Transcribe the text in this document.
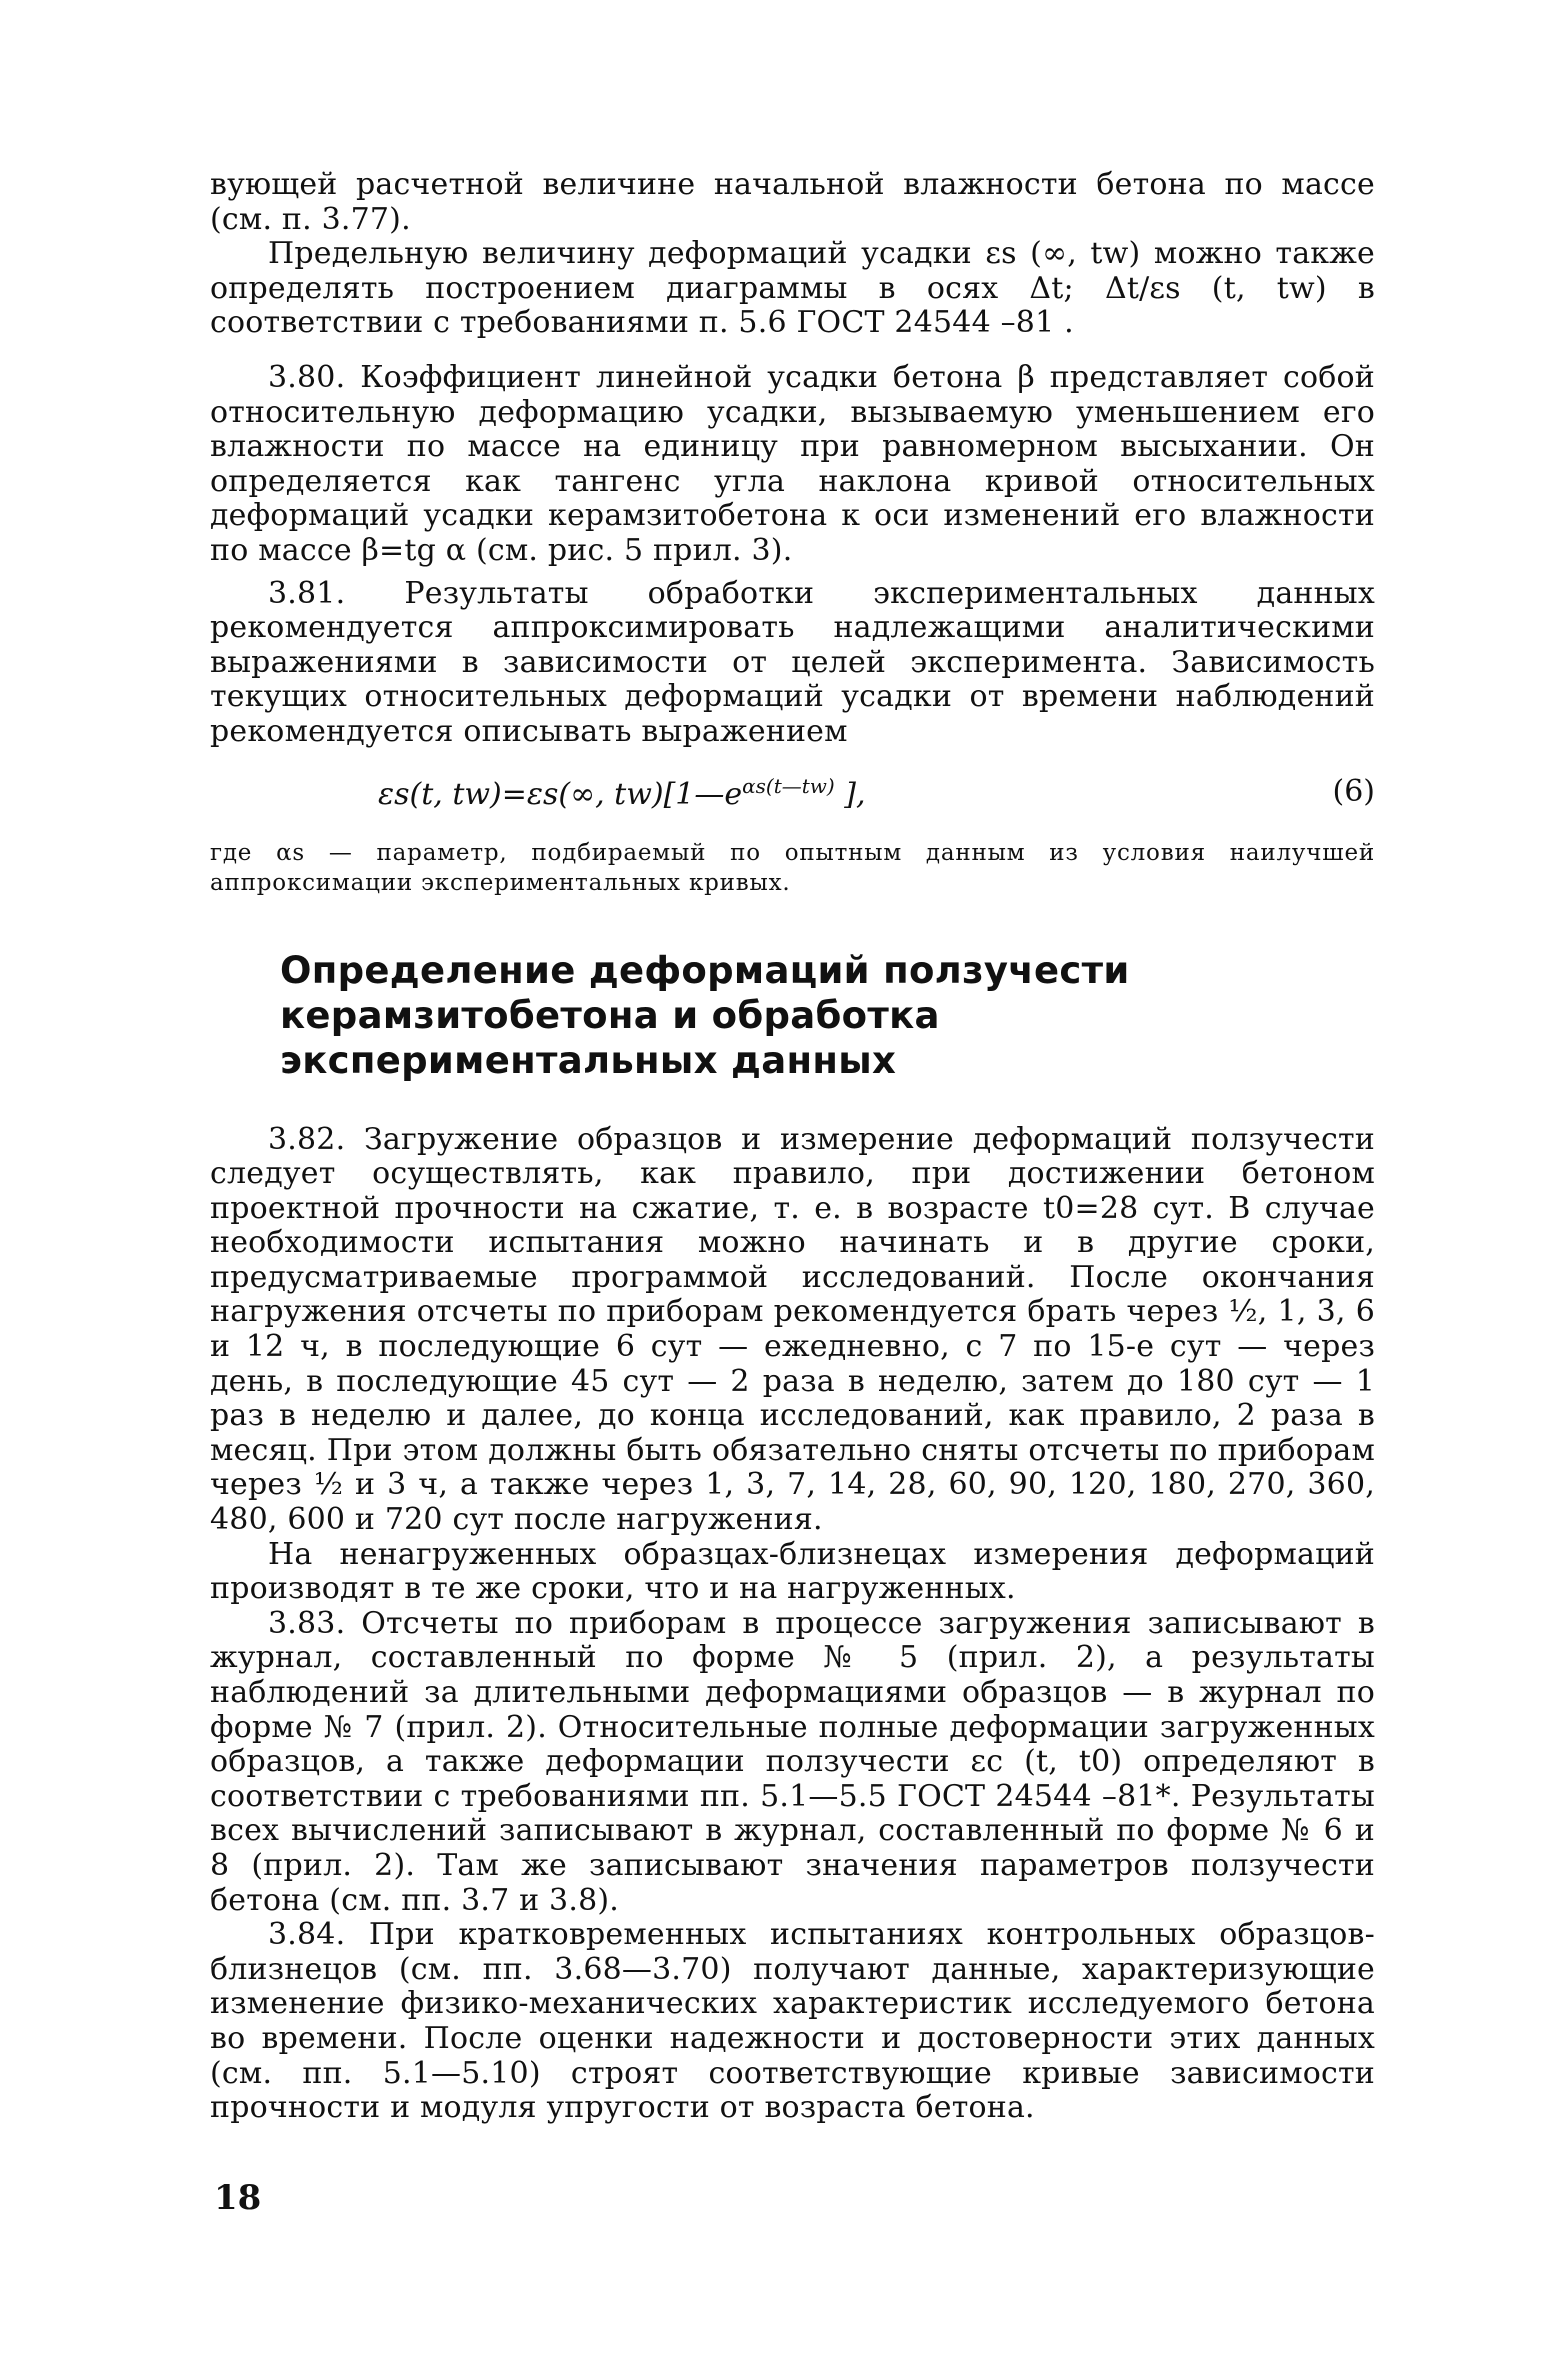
вующей расчетной величине начальной влажности бетона по массе (см. п. 3.77).

Предельную величину деформаций усадки εs (∞, tw) можно также определять построением диаграммы в осях Δt; Δt/εs (t, tw) в соответствии с требованиями п. 5.6 ГОСТ 24544 –81 .

3.80. Коэффициент линейной усадки бетона β представляет собой относительную деформацию усадки, вызываемую уменьшением его влажности по массе на единицу при равномерном высыхании. Он определяется как тангенс угла наклона кривой относительных деформаций усадки керамзитобетона к оси изменений его влажности по массе β=tg α (см. рис. 5 прил. 3).

3.81. Результаты обработки экспериментальных данных рекомендуется аппроксимировать надлежащими аналитическими выражениями в зависимости от целей эксперимента. Зависимость текущих относительных деформаций усадки от времени наблюдений рекомендуется описывать выражением

εs(t, tw)=εs(∞, $tw)[1—e^{\alpha s(t—tw)}$ ],	(6)

где αs — параметр, подбираемый по опытным данным из условия наилучшей аппроксимации экспериментальных кривых.

Определение деформаций ползучести керамзитобетона и обработка экспериментальных данных

3.82. Загружение образцов и измерение деформаций ползучести следует осуществлять, как правило, при достижении бетоном проектной прочности на сжатие, т. е. в возрасте t0=28 сут. В случае необходимости испытания можно начинать и в другие сроки, предусматриваемые программой исследований. После окончания нагружения отсчеты по приборам рекомендуется брать через ½, 1, 3, 6 и 12 ч, в последующие 6 сут — ежедневно, с 7 по 15-е сут — через день, в последующие 45 сут — 2 раза в неделю, затем до 180 сут — 1 раз в неделю и далее, до конца исследований, как правило, 2 раза в месяц. При этом должны быть обязательно сняты отсчеты по приборам через ½ и 3 ч, а также через 1, 3, 7, 14, 28, 60, 90, 120, 180, 270, 360, 480, 600 и 720 сут после нагружения.

На ненагруженных образцах-близнецах измерения деформаций производят в те же сроки, что и на нагруженных.

3.83. Отсчеты по приборам в процессе загружения записывают в журнал, составленный по форме № 5 (прил. 2), а результаты наблюдений за длительными деформациями образцов — в журнал по форме № 7 (прил. 2). Относительные полные деформации загруженных образцов, а также деформации ползучести εc (t, t0) определяют в соответствии с требованиями пп. 5.1—5.5 ГОСТ 24544 –81*. Результаты всех вычислений записывают в журнал, составленный по форме № 6 и 8 (прил. 2). Там же записывают значения параметров ползучести бетона (см. пп. 3.7 и 3.8).

3.84. При кратковременных испытаниях контрольных образцов-близнецов (см. пп. 3.68—3.70) получают данные, характеризующие изменение физико-механических характеристик исследуемого бетона во времени. После оценки надежности и достоверности этих данных (см. пп. 5.1—5.10) строят соответствующие кривые зависимости прочности и модуля упругости от возраста бетона.

18
